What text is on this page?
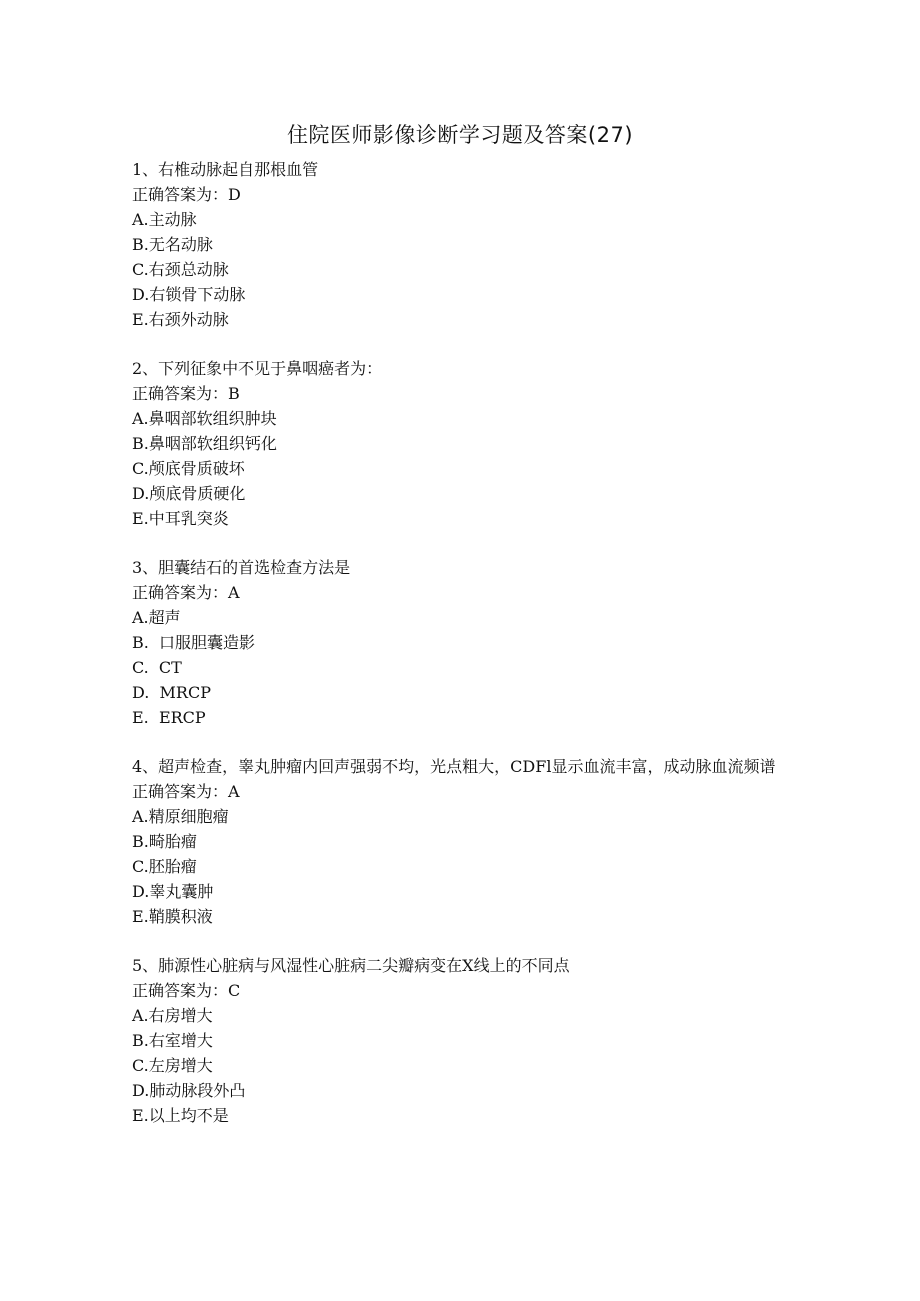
住院医师影像诊断学习题及答案(27)
1、右椎动脉起自那根血管
正确答案为：D
A.主动脉
B.无名动脉
C.右颈总动脉
D.右锁骨下动脉
E.右颈外动脉
2、下列征象中不见于鼻咽癌者为：
正确答案为：B
A.鼻咽部软组织肿块
B.鼻咽部软组织钙化
C.颅底骨质破坏
D.颅底骨质硬化
E.中耳乳突炎
3、胆囊结石的首选检查方法是
正确答案为：A
A.超声
B.  口服胆囊造影
C.  CT
D.  MRCP
E.  ERCP
4、超声检查，睾丸肿瘤内回声强弱不均，光点粗大，CDFl显示血流丰富，成动脉血流频谱
正确答案为：A
A.精原细胞瘤
B.畸胎瘤
C.胚胎瘤
D.睾丸囊肿
E.鞘膜积液
5、肺源性心脏病与风湿性心脏病二尖瓣病变在X线上的不同点
正确答案为：C
A.右房增大
B.右室增大
C.左房增大
D.肺动脉段外凸
E.以上均不是
